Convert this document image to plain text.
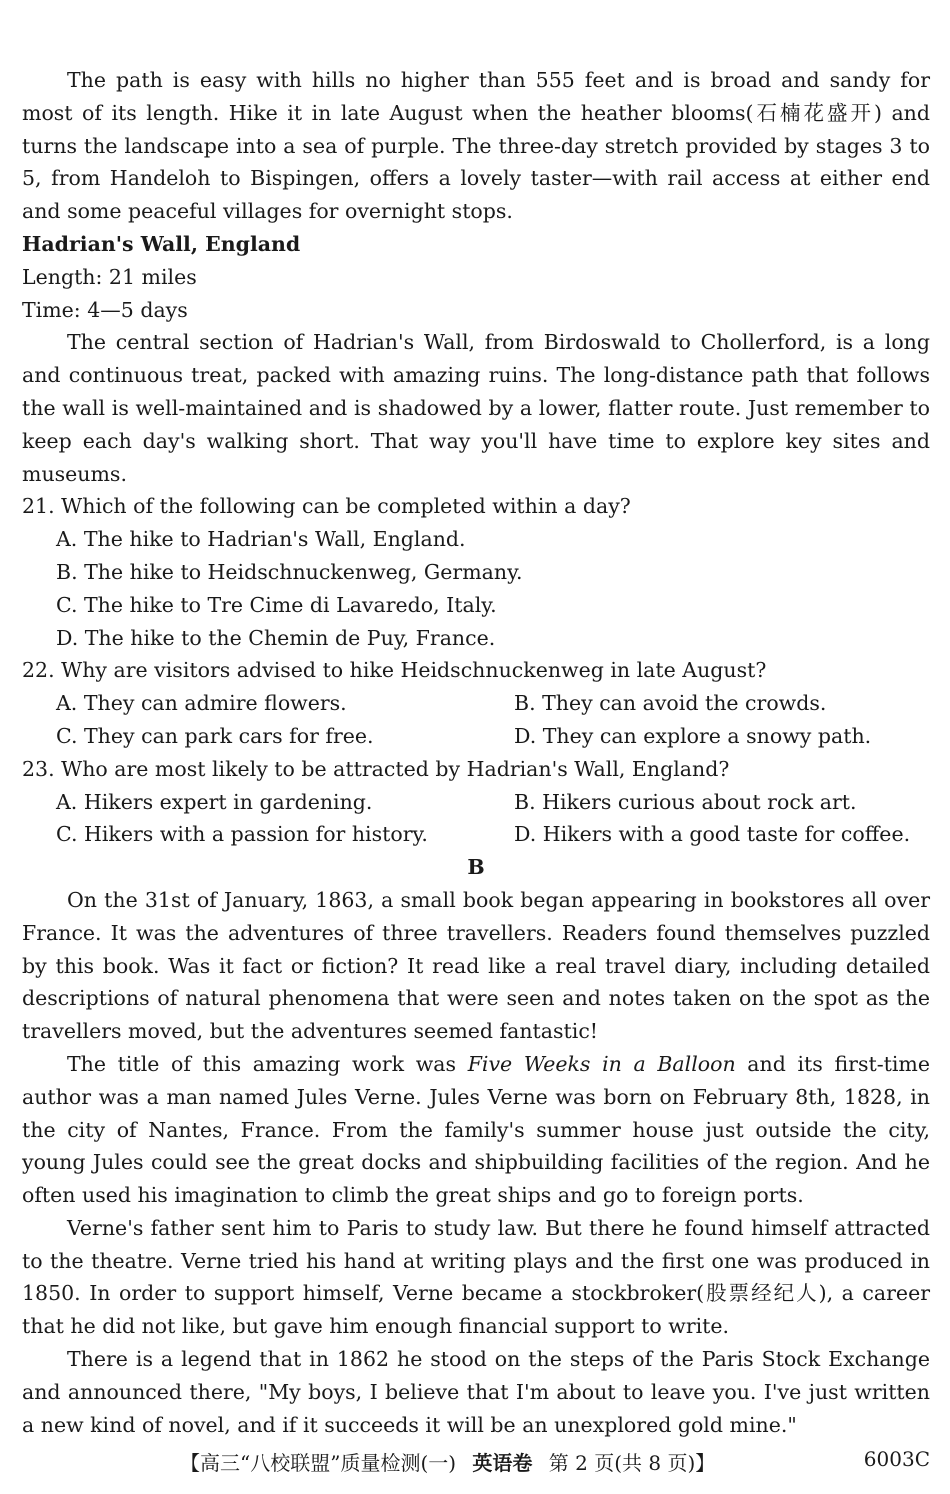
The path is easy with hills no higher than 555 feet and is broad and sandy for most of its length. Hike it in late August when the heather blooms(石楠花盛开) and turns the landscape into a sea of purple. The three-day stretch provided by stages 3 to 5, from Handeloh to Bispingen, offers a lovely taster—with rail access at either end and some peaceful villages for overnight stops.

Hadrian's Wall, England

Length: 21 miles

Time: 4—5 days

The central section of Hadrian's Wall, from Birdoswald to Chollerford, is a long and continuous treat, packed with amazing ruins. The long-distance path that follows the wall is well-maintained and is shadowed by a lower, flatter route. Just remember to keep each day's walking short. That way you'll have time to explore key sites and museums.

21. Which of the following can be completed within a day?

A. The hike to Hadrian's Wall, England.

B. The hike to Heidschnuckenweg, Germany.

C. The hike to Tre Cime di Lavaredo, Italy.

D. The hike to the Chemin de Puy, France.

22. Why are visitors advised to hike Heidschnuckenweg in late August?

A. They can admire flowers.	B. They can avoid the crowds.
C. They can park cars for free.	D. They can explore a snowy path.

23. Who are most likely to be attracted by Hadrian's Wall, England?

A. Hikers expert in gardening.	B. Hikers curious about rock art.
C. Hikers with a passion for history.	D. Hikers with a good taste for coffee.

B

On the 31st of January, 1863, a small book began appearing in bookstores all over France. It was the adventures of three travellers. Readers found themselves puzzled by this book. Was it fact or fiction? It read like a real travel diary, including detailed descriptions of natural phenomena that were seen and notes taken on the spot as the travellers moved, but the adventures seemed fantastic!

The title of this amazing work was Five Weeks in a Balloon and its first-time author was a man named Jules Verne. Jules Verne was born on February 8th, 1828, in the city of Nantes, France. From the family's summer house just outside the city, young Jules could see the great docks and shipbuilding facilities of the region. And he often used his imagination to climb the great ships and go to foreign ports.

Verne's father sent him to Paris to study law. But there he found himself attracted to the theatre. Verne tried his hand at writing plays and the first one was produced in 1850. In order to support himself, Verne became a stockbroker(股票经纪人), a career that he did not like, but gave him enough financial support to write.

There is a legend that in 1862 he stood on the steps of the Paris Stock Exchange and announced there, "My boys, I believe that I'm about to leave you. I've just written a new kind of novel, and if it succeeds it will be an unexplored gold mine."

【高三“八校联盟”质量检测(一) 英语卷 第 2 页(共 8 页)】	6003C
